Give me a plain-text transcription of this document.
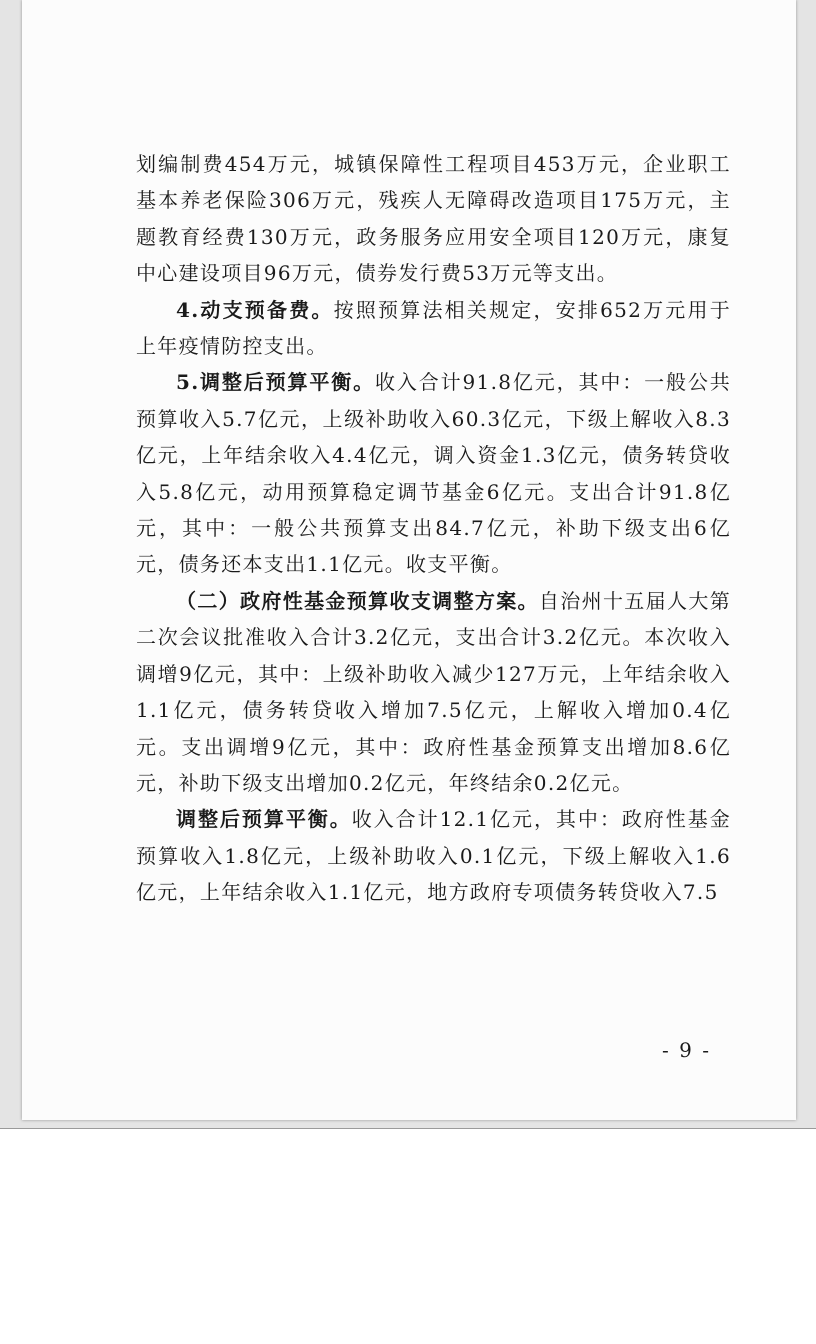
划编制费454万元，城镇保障性工程项目453万元，企业职工基本养老保险306万元，残疾人无障碍改造项目175万元，主题教育经费130万元，政务服务应用安全项目120万元，康复中心建设项目96万元，债券发行费53万元等支出。

4.动支预备费。按照预算法相关规定，安排652万元用于上年疫情防控支出。

5.调整后预算平衡。收入合计91.8亿元，其中：一般公共预算收入5.7亿元，上级补助收入60.3亿元，下级上解收入8.3亿元，上年结余收入4.4亿元，调入资金1.3亿元，债务转贷收入5.8亿元，动用预算稳定调节基金6亿元。支出合计91.8亿元，其中：一般公共预算支出84.7亿元，补助下级支出6亿元，债务还本支出1.1亿元。收支平衡。

（二）政府性基金预算收支调整方案。自治州十五届人大第二次会议批准收入合计3.2亿元，支出合计3.2亿元。本次收入调增9亿元，其中：上级补助收入减少127万元，上年结余收入1.1亿元，债务转贷收入增加7.5亿元，上解收入增加0.4亿元。支出调增9亿元，其中：政府性基金预算支出增加8.6亿元，补助下级支出增加0.2亿元，年终结余0.2亿元。

调整后预算平衡。收入合计12.1亿元，其中：政府性基金预算收入1.8亿元，上级补助收入0.1亿元，下级上解收入1.6亿元，上年结余收入1.1亿元，地方政府专项债务转贷收入7.5

- 9 -
